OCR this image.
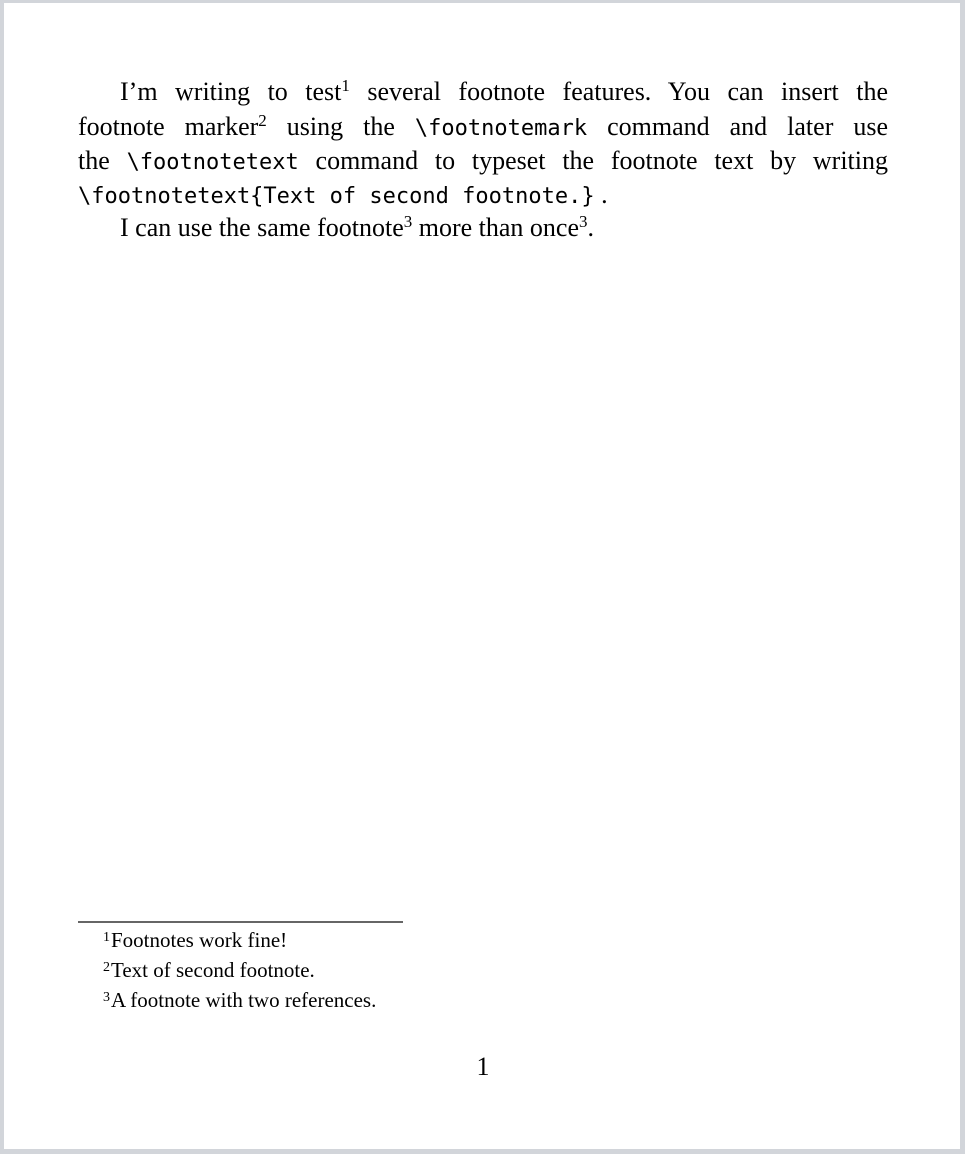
I’m writing to test$^1$ several footnote features. You can insert the
footnote marker$^2$ using the \footnotemark command and later use
the \footnotetext command to typeset the footnote text by writing
\footnotetext{Text of second footnote.} .
I can use the same footnote$^3$ more than once$^3$.
$^1$Footnotes work fine!
$^2$Text of second footnote.
$^3$A footnote with two references.
1
